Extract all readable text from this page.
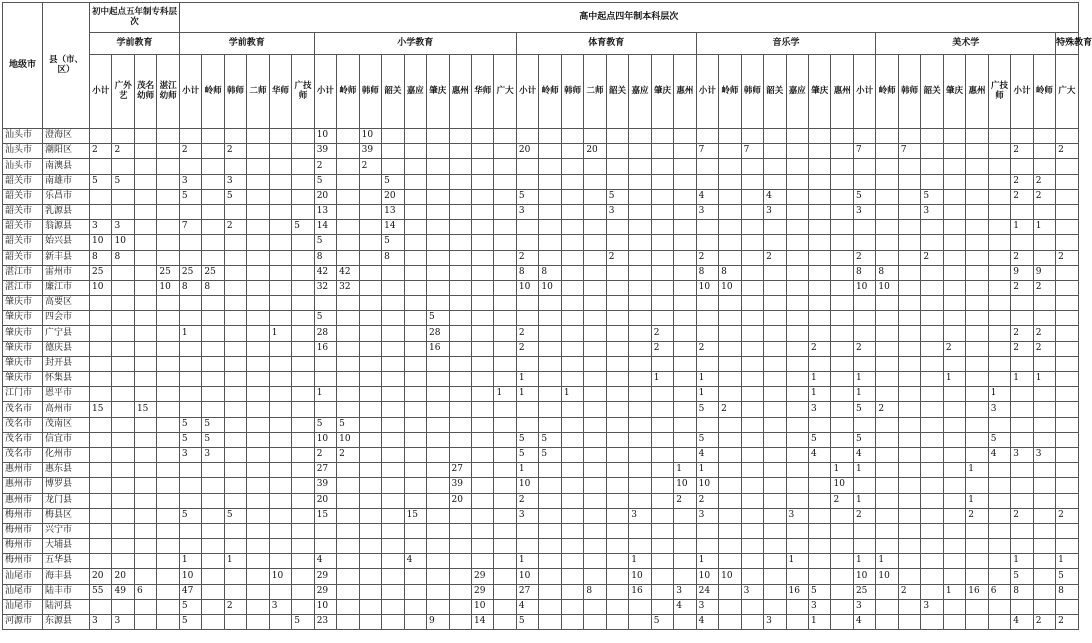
地级市	县（市、区）	初中起点五年制专科层次				高中起点四年制本科层次																																							
		学前教育				学前教育						小学教育									体育教育								音乐学								美术学								特殊教育
		小计	广外艺	茂名幼师	湛江幼师	小计	岭师	韩师	二师	华师	广技师	小计	岭师	韩师	韶关	嘉应	肇庆	惠州	华师	广大	小计	岭师	韩师	二师	韶关	嘉应	肇庆	惠州	小计	岭师	韩师	韶关	嘉应	肇庆	惠州	小计	岭师	韩师	韶关	肇庆	惠州	广技师	小计	岭师	广大
汕头市	澄海区											10		10																															
汕头市	潮阳区	2	2			2		2				39		39							20			20					7		7					7		7					2		2
汕头市	南澳县											2		2																															
韶关市	南雄市	5	5			3		3				5			5																												2	2	
韶关市	乐昌市					5		5				20			20						5				5				4			4				5			5				2	2	
韶关市	乳源县											13			13						3				3				3			3				3			3						
韶关市	翁源县	3	3			7		2			5	14			14																												1	1	
韶关市	始兴县	10	10									5			5																														
韶关市	新丰县	8	8									8			8						2				2				2			2				2			2				2		2
湛江市	雷州市	25			25	25	25					42	42								8	8							8	8						8	8						9	9	
湛江市	廉江市	10			10	8	8					32	32								10	10							10	10						10	10						2	2	
肇庆市	高要区																																												
肇庆市	四会市											5					5																												
肇庆市	广宁县					1				1		28					28				2						2																2	2	
肇庆市	德庆县											16					16				2						2		2					2		2				2			2	2	
肇庆市	封开县																																												
肇庆市	怀集县																				1						1		1					1		1				1			1	1	
江门市	恩平市											1								1	1		1						1					1		1						1			
茂名市	高州市	15		15																									5	2				3		5	2					3			
茂名市	茂南区					5	5					5	5																																
茂名市	信宜市					5	5					10	10								5	5							5					5		5						5			
茂名市	化州市					3	3					2	2								5	5							4					4		4						4	3	3	
惠州市	惠东县											27						27			1							1	1						1	1					1				
惠州市	博罗县											39						39			10							10	10						10										
惠州市	龙门县											20						20			2							2	2						2	1					1				
梅州市	梅县区					5		5				15				15					3					3			3				3			2					2		2		2
梅州市	兴宁市																																												
梅州市	大埔县																																												
梅州市	五华县					1		1				4				4					1					1			1				1			1	1						1		1
汕尾市	海丰县	20	20			10				10		29							29		10					10			10	10						10	10						5		5
汕尾市	陆丰市	55	49	6		47						29							29		27			8		16		3	24		3		16	5		25		2		1	16	6	8		8
汕尾市	陆河县					5		2		3		10							10		4							4	3					3		3			3						
河源市	东源县	3	3			5					5	23					9		14		5						5		4			3		1		4							4	2	2
